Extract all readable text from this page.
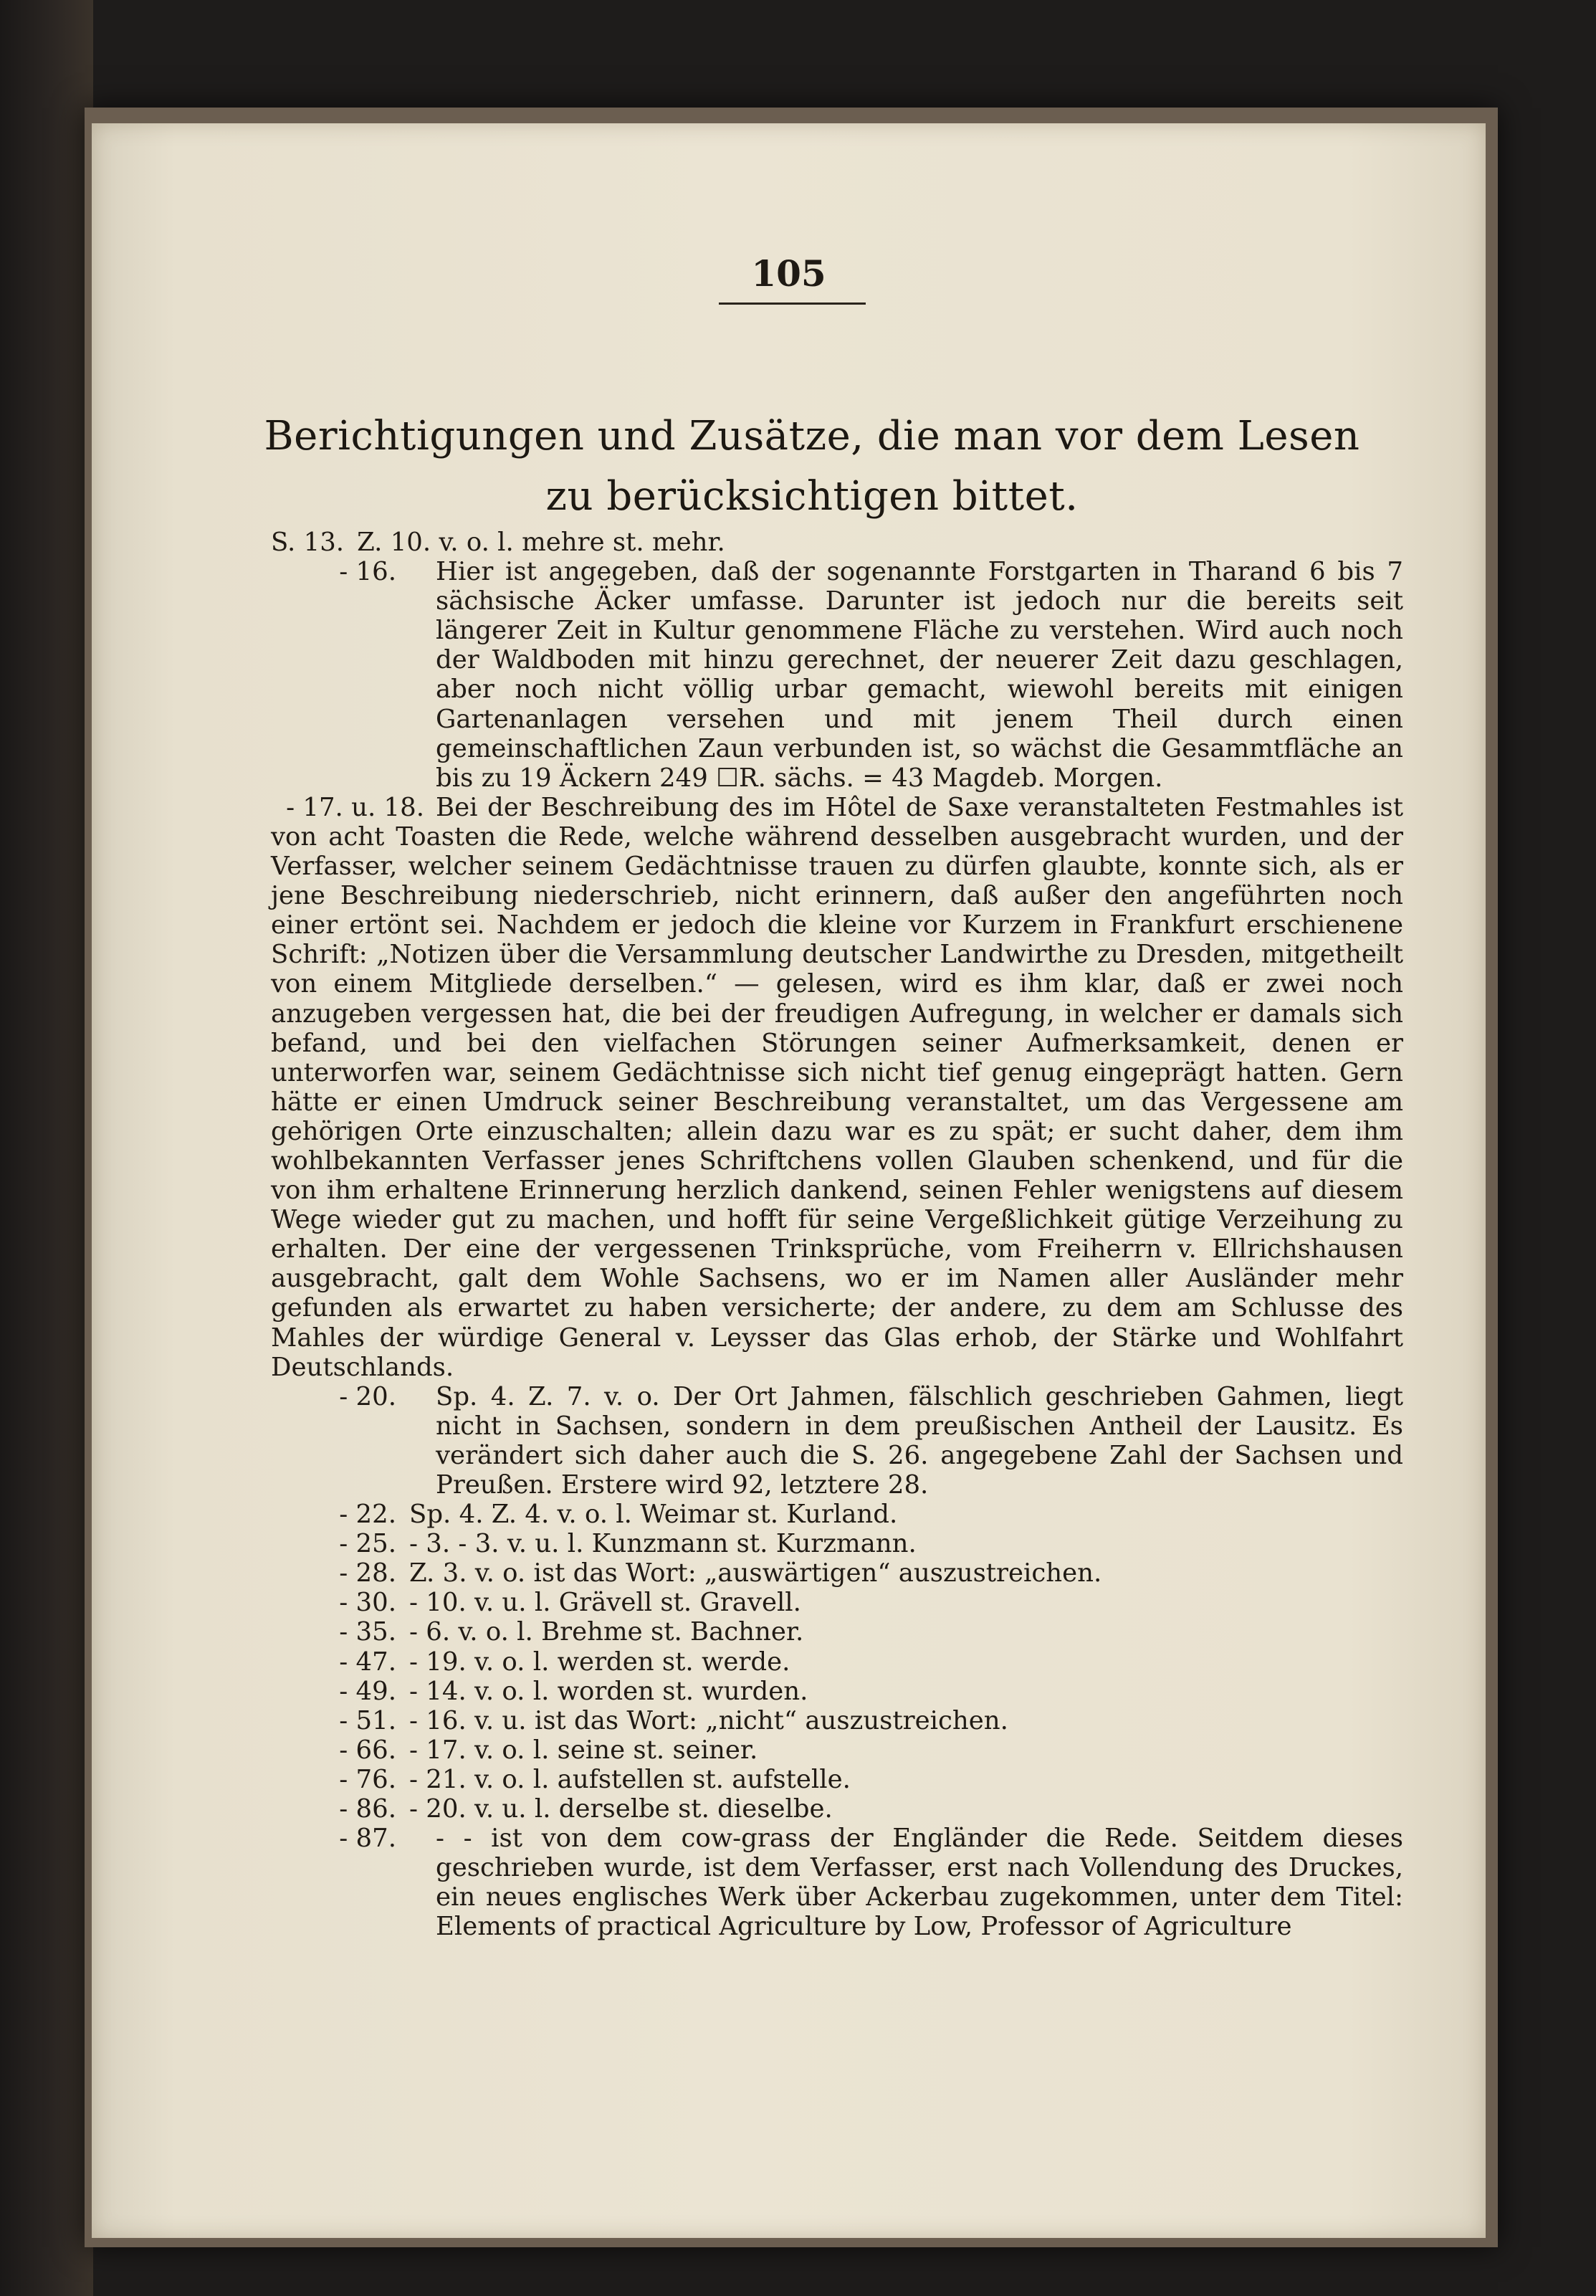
105
Berichtigungen und Zusätze, die man vor dem Lesen zu berücksichtigen bittet.
S. 13. Z. 10. v. o. l. mehre st. mehr.
- 16. Hier ist angegeben, daß der sogenannte Forstgarten in Tharand 6 bis 7 sächsische Äcker umfasse. Darunter ist jedoch nur die bereits seit längerer Zeit in Kultur genommene Fläche zu verstehen. Wird auch noch der Waldboden mit hinzu gerechnet, der neuerer Zeit dazu geschlagen, aber noch nicht völlig urbar gemacht, wiewohl bereits mit einigen Gartenanlagen versehen und mit jenem Theil durch einen gemeinschaftlichen Zaun verbunden ist, so wächst die Gesammtfläche an bis zu 19 Äckern 249 ☐R. sächs. = 43 Magdeb. Morgen.
- 17. u. 18. Bei der Beschreibung des im Hôtel de Saxe veranstalteten Festmahles ist von acht Toasten die Rede, welche während desselben ausgebracht wurden, und der Verfasser, welcher seinem Gedächtnisse trauen zu dürfen glaubte, konnte sich, als er jene Beschreibung niederschrieb, nicht erinnern, daß außer den angeführten noch einer ertönt sei. Nachdem er jedoch die kleine vor Kurzem in Frankfurt erschienene Schrift: „Notizen über die Versammlung deutscher Landwirthe zu Dresden, mitgetheilt von einem Mitgliede derselben.“ — gelesen, wird es ihm klar, daß er zwei noch anzugeben vergessen hat, die bei der freudigen Aufregung, in welcher er damals sich befand, und bei den vielfachen Störungen seiner Aufmerksamkeit, denen er unterworfen war, seinem Gedächtnisse sich nicht tief genug eingeprägt hatten. Gern hätte er einen Umdruck seiner Beschreibung veranstaltet, um das Vergessene am gehörigen Orte einzuschalten; allein dazu war es zu spät; er sucht daher, dem ihm wohlbekannten Verfasser jenes Schriftchens vollen Glauben schenkend, und für die von ihm erhaltene Erinnerung herzlich dankend, seinen Fehler wenigstens auf diesem Wege wieder gut zu machen, und hofft für seine Vergeßlichkeit gütige Verzeihung zu erhalten. Der eine der vergessenen Trinksprüche, vom Freiherrn v. Ellrichshausen ausgebracht, galt dem Wohle Sachsens, wo er im Namen aller Ausländer mehr gefunden als erwartet zu haben versicherte; der andere, zu dem am Schlusse des Mahles der würdige General v. Leysser das Glas erhob, der Stärke und Wohlfahrt Deutschlands.
- 20. Sp. 4. Z. 7. v. o. Der Ort Jahmen, fälschlich geschrieben Gahmen, liegt nicht in Sachsen, sondern in dem preußischen Antheil der Lausitz. Es verändert sich daher auch die S. 26. angegebene Zahl der Sachsen und Preußen. Erstere wird 92, letztere 28.
- 22. Sp. 4. Z. 4. v. o. l. Weimar st. Kurland.
- 25. - 3. - 3. v. u. l. Kunzmann st. Kurzmann.
- 28. Z. 3. v. o. ist das Wort: „auswärtigen“ auszustreichen.
- 30. - 10. v. u. l. Grävell st. Gravell.
- 35. - 6. v. o. l. Brehme st. Bachner.
- 47. - 19. v. o. l. werden st. werde.
- 49. - 14. v. o. l. worden st. wurden.
- 51. - 16. v. u. ist das Wort: „nicht“ auszustreichen.
- 66. - 17. v. o. l. seine st. seiner.
- 76. - 21. v. o. l. aufstellen st. aufstelle.
- 86. - 20. v. u. l. derselbe st. dieselbe.
- 87. - - ist von dem cow-grass der Engländer die Rede. Seitdem dieses geschrieben wurde, ist dem Verfasser, erst nach Vollendung des Druckes, ein neues englisches Werk über Ackerbau zugekommen, unter dem Titel: Elements of practical Agriculture by Low, Professor of Agriculture
